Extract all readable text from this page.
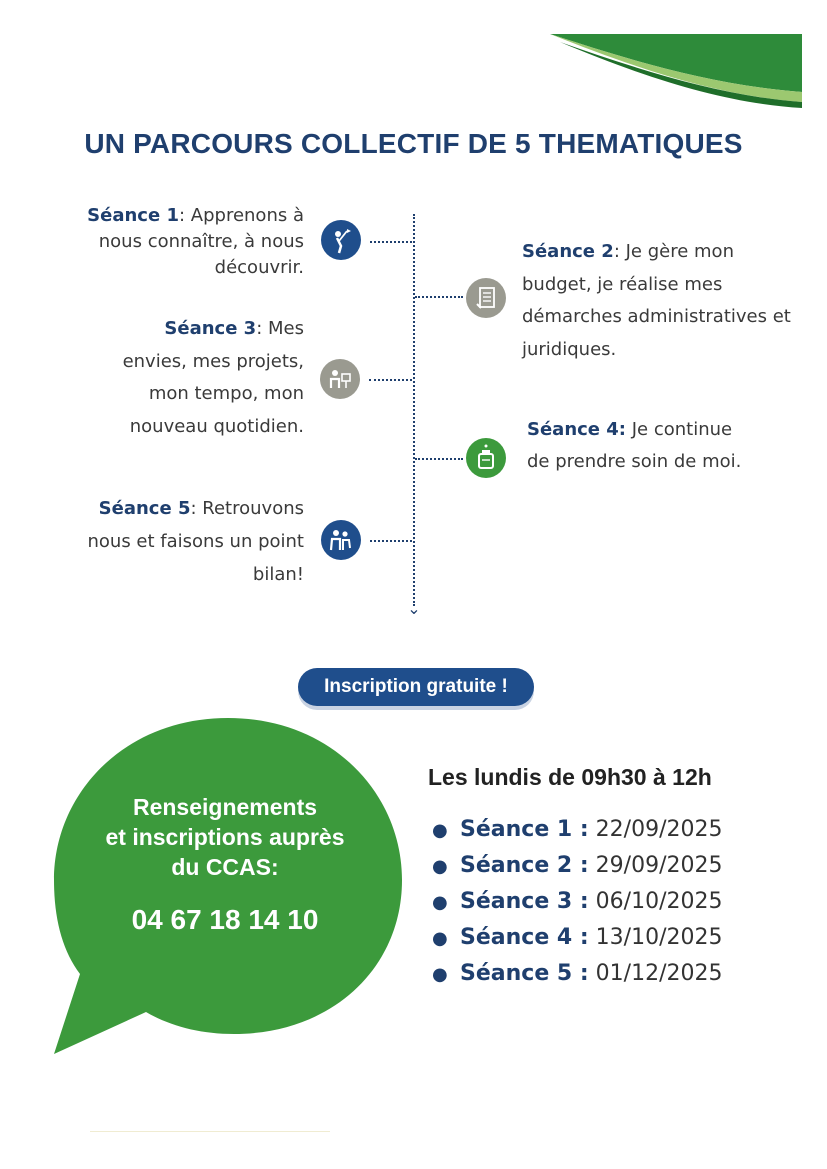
UN PARCOURS COLLECTIF DE 5 THEMATIQUES
⌄
Séance 1: Apprenons à nous connaître, à nous découvrir.
Séance 2: Je gère mon budget, je réalise mes démarches administratives et juridiques.
Séance 3: Mes envies, mes projets, mon tempo, mon nouveau quotidien.	Séance 4: Je continue de prendre soin de moi.
Séance 5: Retrouvons nous et faisons un point bilan!
Inscription gratuite !
Renseignements
et inscriptions auprès
du CCAS:
04 67 18 14 10
Les lundis de 09h30 à 12h
● Séance 1 : 22/09/2025
● Séance 2 : 29/09/2025
● Séance 3 : 06/10/2025
● Séance 4 : 13/10/2025
● Séance 5 : 01/12/2025
